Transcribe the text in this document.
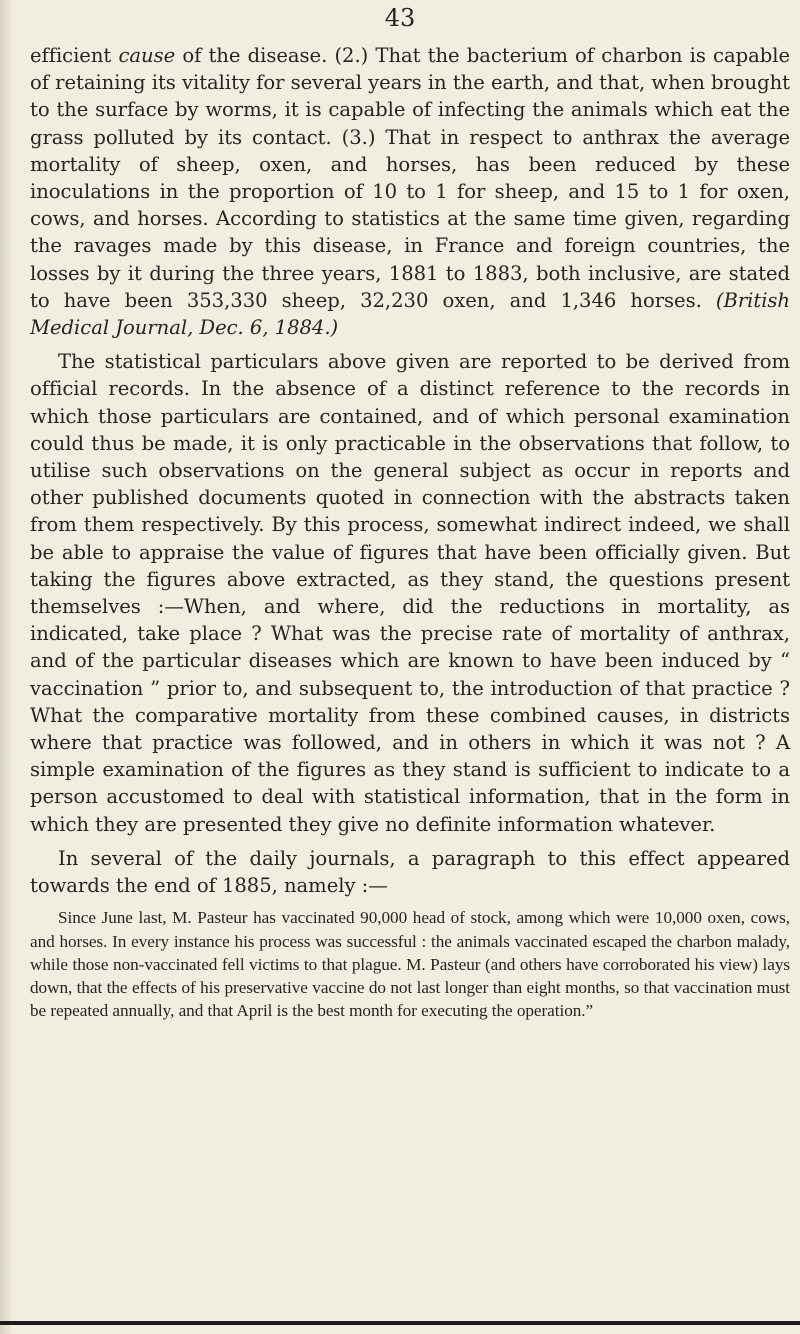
43

efficient cause of the disease. (2.) That the bacterium of charbon is capable of retaining its vitality for several years in the earth, and that, when brought to the surface by worms, it is capable of infecting the animals which eat the grass polluted by its contact. (3.) That in respect to anthrax the average mortality of sheep, oxen, and horses, has been reduced by these inoculations in the proportion of 10 to 1 for sheep, and 15 to 1 for oxen, cows, and horses. According to statistics at the same time given, regarding the ravages made by this disease, in France and foreign countries, the losses by it during the three years, 1881 to 1883, both inclusive, are stated to have been 353,330 sheep, 32,230 oxen, and 1,346 horses. (British Medical Journal, Dec. 6, 1884.)

The statistical particulars above given are reported to be derived from official records. In the absence of a distinct reference to the records in which those particulars are contained, and of which personal examination could thus be made, it is only practicable in the observations that follow, to utilise such observations on the general subject as occur in reports and other published documents quoted in connection with the abstracts taken from them respectively. By this process, somewhat indirect indeed, we shall be able to appraise the value of figures that have been officially given. But taking the figures above extracted, as they stand, the questions present themselves :—When, and where, did the reductions in mortality, as indicated, take place ? What was the precise rate of mortality of anthrax, and of the particular diseases which are known to have been induced by “ vaccination ” prior to, and subsequent to, the introduction of that practice ? What the comparative mortality from these combined causes, in districts where that practice was followed, and in others in which it was not ? A simple examination of the figures as they stand is sufficient to indicate to a person accustomed to deal with statistical information, that in the form in which they are presented they give no definite information whatever.

In several of the daily journals, a paragraph to this effect appeared towards the end of 1885, namely :—

Since June last, M. Pasteur has vaccinated 90,000 head of stock, among which were 10,000 oxen, cows, and horses. In every instance his process was successful : the animals vaccinated escaped the charbon malady, while those non-vaccinated fell victims to that plague. M. Pasteur (and others have corroborated his view) lays down, that the effects of his preservative vaccine do not last longer than eight months, so that vaccination must be repeated annually, and that April is the best month for executing the operation.”
